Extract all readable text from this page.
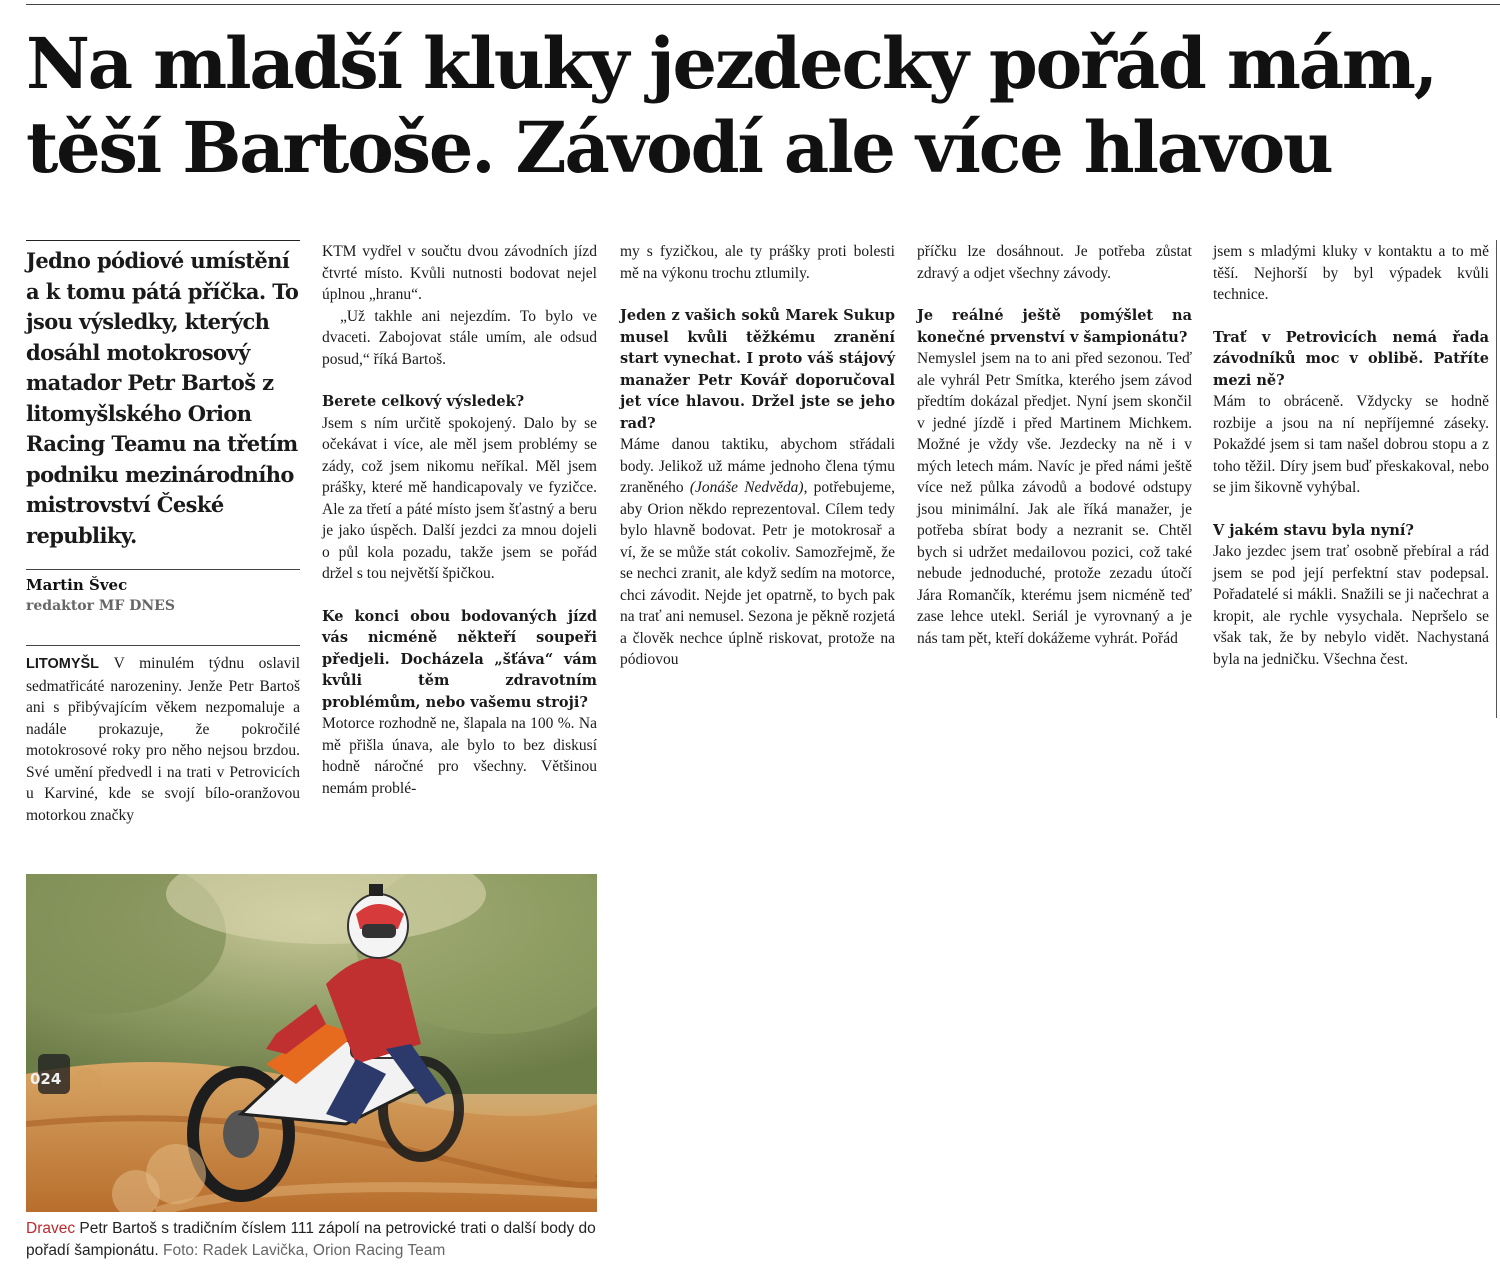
Na mladší kluky jezdecky pořád mám,
těší Bartoše. Závodí ale více hlavou
Jedno pódiové umístění a k tomu pátá příčka. To jsou výsledky, kterých dosáhl motokrosový matador Petr Bartoš z litomyšlského Orion Racing Teamu na třetím podniku mezinárodního mistrovství České republiky.
Martin Švec
redaktor MF DNES

LITOMYŠL V minulém týdnu oslavil sedmatřicáté narozeniny. Jenže Petr Bartoš ani s přibývajícím věkem nezpomaluje a nadále prokazuje, že pokročilé motokrosové roky pro něho nejsou brzdou. Své umění předvedl i na trati v Petrovicích u Karviné, kde se svojí bílo-oranžovou motorkou značky

KTM vydřel v součtu dvou závodních jízd čtvrté místo. Kvůli nutnosti bodovat nejel úplnou „hranu“.

„Už takhle ani nejezdím. To bylo ve dvaceti. Zabojovat stále umím, ale odsud posud,“ říká Bartoš.

Berete celkový výsledek?

Jsem s ním určitě spokojený. Dalo by se očekávat i více, ale měl jsem problémy se zády, což jsem nikomu neříkal. Měl jsem prášky, které mě handicapovaly ve fyzičce. Ale za třetí a páté místo jsem šťastný a beru je jako úspěch. Další jezdci za mnou dojeli o půl kola pozadu, takže jsem se pořád držel s tou největší špičkou.

Ke konci obou bodovaných jízd vás nicméně někteří soupeři předjeli. Docházela „šťáva“ vám kvůli těm zdravotním problémům, nebo vašemu stroji?

Motorce rozhodně ne, šlapala na 100 %. Na mě přišla únava, ale bylo to bez diskusí hodně náročné pro všechny. Většinou nemám problé-

my s fyzičkou, ale ty prášky proti bolesti mě na výkonu trochu ztlumily.

Jeden z vašich soků Marek Sukup musel kvůli těžkému zranění start vynechat. I proto váš stájový manažer Petr Kovář doporučoval jet více hlavou. Držel jste se jeho rad?

Máme danou taktiku, abychom střádali body. Jelikož už máme jednoho člena týmu zraněného (Jonáše Nedvěda), potřebujeme, aby Orion někdo reprezentoval. Cílem tedy bylo hlavně bodovat. Petr je motokrosař a ví, že se může stát cokoliv. Samozřejmě, že se nechci zranit, ale když sedím na motorce, chci závodit. Nejde jet opatrně, to bych pak na trať ani nemusel. Sezona je pěkně rozjetá a člověk nechce úplně riskovat, protože na pódiovou

příčku lze dosáhnout. Je potřeba zůstat zdravý a odjet všechny závody.

Je reálné ještě pomýšlet na konečné prvenství v šampionátu?

Nemyslel jsem na to ani před sezonou. Teď ale vyhrál Petr Smítka, kterého jsem závod předtím dokázal předjet. Nyní jsem skončil v jedné jízdě i před Martinem Michkem. Možné je vždy vše. Jezdecky na ně i v mých letech mám. Navíc je před námi ještě více než půlka závodů a bodové odstupy jsou minimální. Jak ale říká manažer, je potřeba sbírat body a nezranit se. Chtěl bych si udržet medailovou pozici, což také nebude jednoduché, protože zezadu útočí Jára Romančík, kterému jsem nicméně teď zase lehce utekl. Seriál je vyrovnaný a je nás tam pět, kteří dokážeme vyhrát. Pořád

jsem s mladými kluky v kontaktu a to mě těší. Nejhorší by byl výpadek kvůli technice.

Trať v Petrovicích nemá řada závodníků moc v oblibě. Patříte mezi ně?

Mám to obráceně. Vždycky se hodně rozbije a jsou na ní nepříjemné záseky. Pokaždé jsem si tam našel dobrou stopu a z toho těžil. Díry jsem buď přeskakoval, nebo se jim šikovně vyhýbal.

V jakém stavu byla nyní?

Jako jezdec jsem trať osobně přebíral a rád jsem se pod její perfektní stav podepsal. Pořadatelé si mákli. Snažili se ji načechrat a kropit, ale rychle vysychala. Nepršelo se však tak, že by nebylo vidět. Nachystaná byla na jedničku. Všechna čest.

024
Dravec Petr Bartoš s tradičním číslem 111 zápolí na petrovické trati o další body do pořadí šampionátu. Foto: Radek Lavička, Orion Racing Team
